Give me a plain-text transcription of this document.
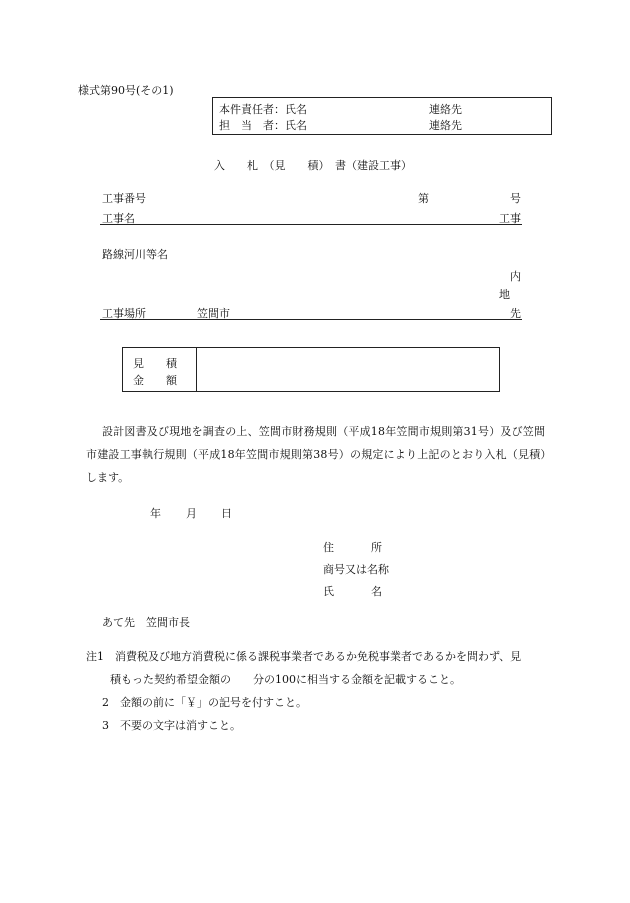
様式第90号(その1)
本件責任者：氏名	連絡先
担　当　者：氏名	連絡先
入　　札　（見　　積）　書（建設工事）
工事番号	第	号
工事名	工事
路線河川等名
内
地
工事場所	笠間市	先
見　　積
金　　額
設計図書及び現地を調査の上、笠間市財務規則（平成18年笠間市規則第31号）及び笠間
市建設工事執行規則（平成18年笠間市規則第38号）の規定により上記のとおり入札（見積）
します。
年 月 日
住　　　所
商号又は名称
氏　　　名
あて先　笠間市長
注1　消費税及び地方消費税に係る課税事業者であるか免税事業者であるかを問わず、見
積もった契約希望金額の　　分の100に相当する金額を記載すること。
2　金額の前に「￥」の記号を付すこと。
3　不要の文字は消すこと。
